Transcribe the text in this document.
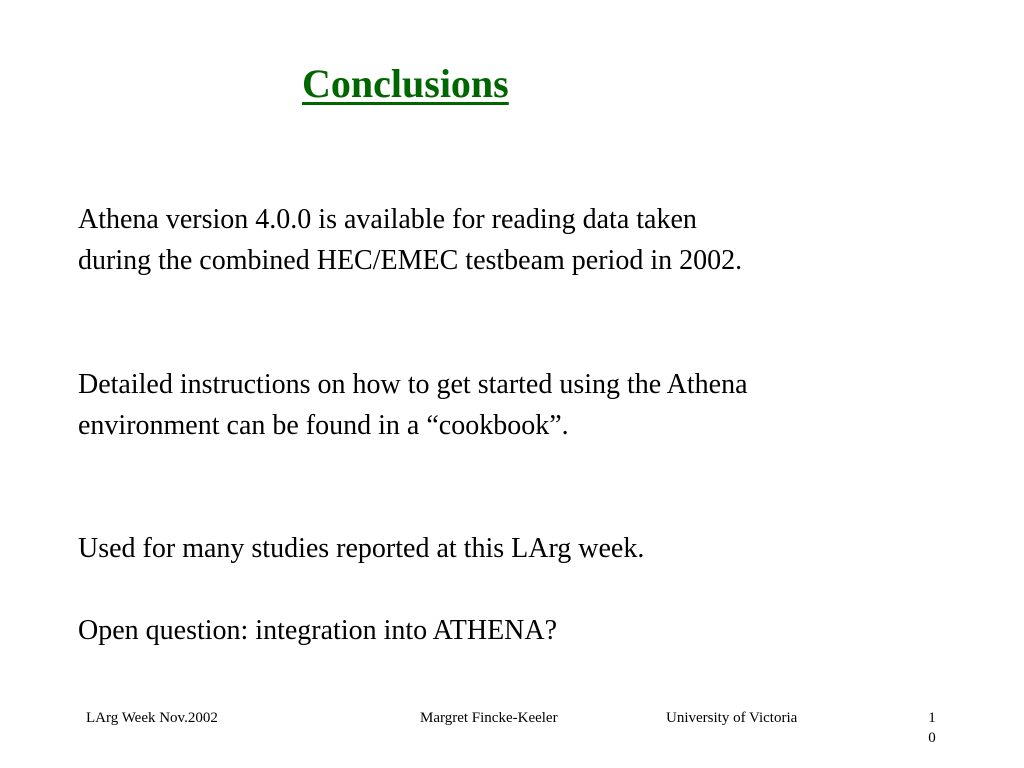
Conclusions
Athena version 4.0.0 is available for reading data taken
during the combined HEC/EMEC testbeam period in 2002.
Detailed instructions on how to get started using the Athena
environment can be found in a “cookbook”.
Used for many studies reported at this LArg week.
Open question: integration into ATHENA?
LArg Week Nov.2002	Margret Fincke-Keeler	University of Victoria	10
